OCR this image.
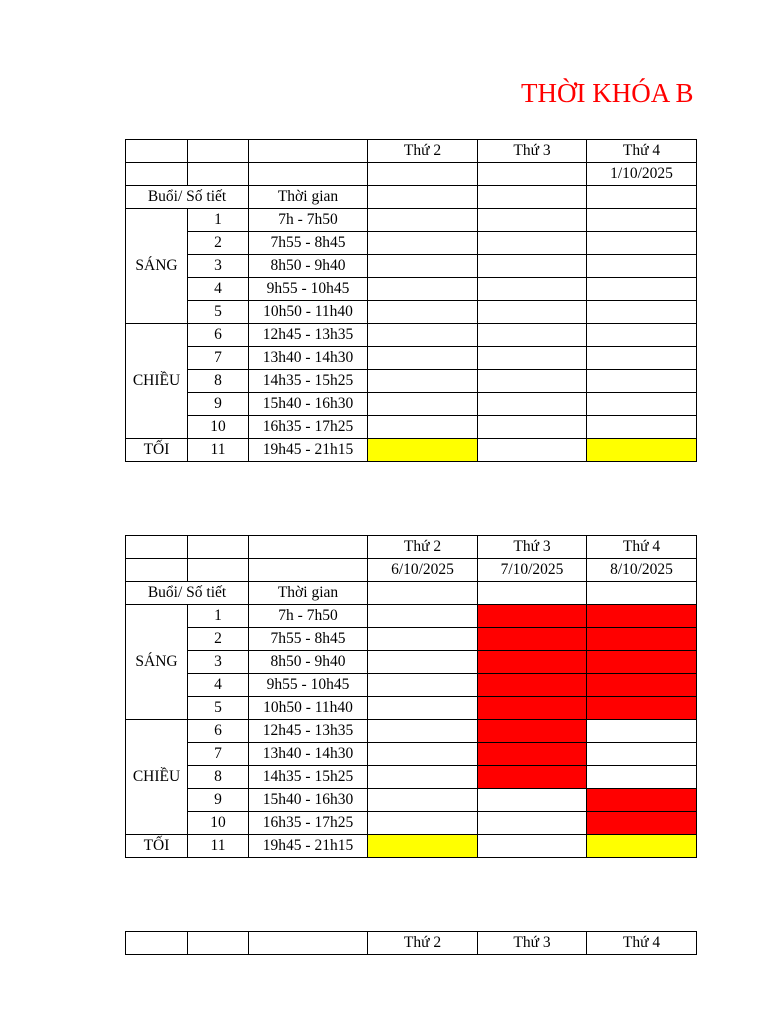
THỜI KHÓA B
			Thứ 2	Thứ 3	Thứ 4
					1/10/2025
Buổi/ Số tiết		Thời gian			
SÁNG	1	7h - 7h50			
	2	7h55 - 8h45			
	3	8h50 - 9h40			
	4	9h55 - 10h45			
	5	10h50 - 11h40			
CHIỀU	6	12h45 - 13h35			
	7	13h40 - 14h30			
	8	14h35 - 15h25			
	9	15h40 - 16h30			
	10	16h35 - 17h25			
TỐI	11	19h45 - 21h15			
			Thứ 2	Thứ 3	Thứ 4
			6/10/2025	7/10/2025	8/10/2025
Buổi/ Số tiết		Thời gian			
SÁNG	1	7h - 7h50			
	2	7h55 - 8h45			
	3	8h50 - 9h40			
	4	9h55 - 10h45			
	5	10h50 - 11h40			
CHIỀU	6	12h45 - 13h35			
	7	13h40 - 14h30			
	8	14h35 - 15h25			
	9	15h40 - 16h30			
	10	16h35 - 17h25			
TỐI	11	19h45 - 21h15			
			Thứ 2	Thứ 3	Thứ 4
